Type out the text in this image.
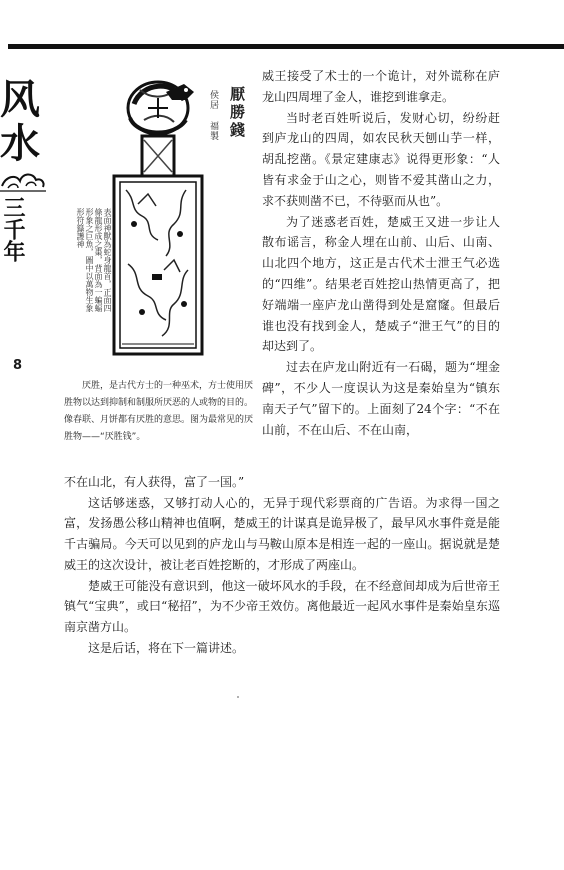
风
水
三千年
8
厭勝錢
侯居 福製
表面神獸為蛇身龍首，正面四條龍形成之棗，背面為一蝙蝠形象之巨魚，圖中以萬物生象形符籙護神

厌胜，是古代方士的一种巫术，方士使用厌胜物以达到抑制和制服所厌恶的人或物的目的。像春联、月饼都有厌胜的意思。图为最常见的厌胜物——“厌胜钱”。

威王接受了术士的一个诡计，对外谎称在庐龙山四周埋了金人，谁挖到谁拿走。

当时老百姓听说后，发财心切，纷纷赶到庐龙山的四周，如农民秋天刨山芋一样，胡乱挖凿。《景定建康志》说得更形象：“人皆有求金于山之心，则皆不爱其凿山之力，求不获则凿不已，不待驱而从也”。

为了迷惑老百姓，楚威王又进一步让人散布谣言，称金人埋在山前、山后、山南、山北四个地方，这正是古代术士泄王气必选的“四维”。结果老百姓挖山热情更高了，把好端端一座庐龙山凿得到处是窟窿。但最后谁也没有找到金人，楚威子“泄王气”的目的却达到了。

过去在庐龙山附近有一石碣，题为“埋金碑”，不少人一度误认为这是秦始皇为“镇东南天子气”留下的。上面刻了24个字：“不在山前，不在山后、不在山南，

不在山北，有人获得，富了一国。”

这话够迷惑，又够打动人心的，无异于现代彩票商的广告语。为求得一国之富，发扬愚公移山精神也值啊，楚威王的计谋真是诡异极了，最早风水事件竟是能千古骗局。今天可以见到的庐龙山与马鞍山原本是相连一起的一座山。据说就是楚威王的这次设计，被让老百姓挖断的，才形成了两座山。

楚威王可能没有意识到，他这一破坏风水的手段，在不经意间却成为后世帝王镇气“宝典”，或曰“秘招”，为不少帝王效仿。离他最近一起风水事件是秦始皇东巡南京凿方山。

这是后话，将在下一篇讲述。
